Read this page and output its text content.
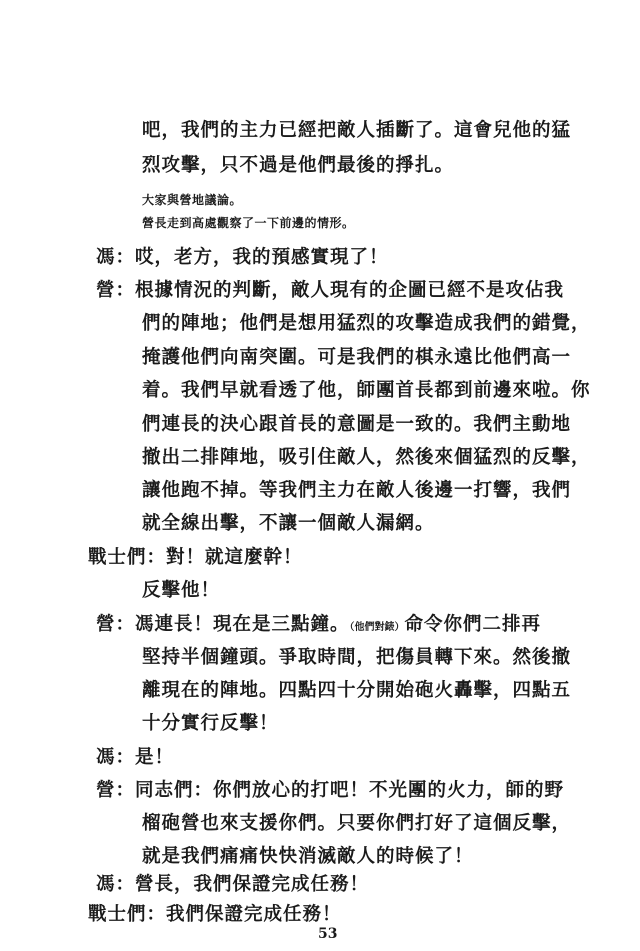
吧，我們的主力已經把敵人插斷了。這會兒他的猛
烈攻擊，只不過是他們最後的掙扎。
大家與營地議論。
營長走到高處觀察了一下前邊的情形。
馮：哎，老方，我的預感實現了！
營：根據情況的判斷，敵人現有的企圖已經不是攻佔我
們的陣地；他們是想用猛烈的攻擊造成我們的錯覺，
掩護他們向南突圍。可是我們的棋永遠比他們高一
着。我們早就看透了他，師團首長都到前邊來啦。你
們連長的決心跟首長的意圖是一致的。我們主動地
撤出二排陣地，吸引住敵人，然後來個猛烈的反擊，
讓他跑不掉。等我們主力在敵人後邊一打響，我們
就全線出擊，不讓一個敵人漏網。
戰士們：對！就這麼幹！
反擊他！
營：馮連長！現在是三點鐘。（他們對錶）命令你們二排再
堅持半個鐘頭。爭取時間，把傷員轉下來。然後撤
離現在的陣地。四點四十分開始砲火轟擊，四點五
十分實行反擊！
馮：是！
營：同志們：你們放心的打吧！不光團的火力，師的野
榴砲營也來支援你們。只要你們打好了這個反擊，
就是我們痛痛快快消滅敵人的時候了！
馮：營長，我們保證完成任務！
戰士們：我們保證完成任務！
53
